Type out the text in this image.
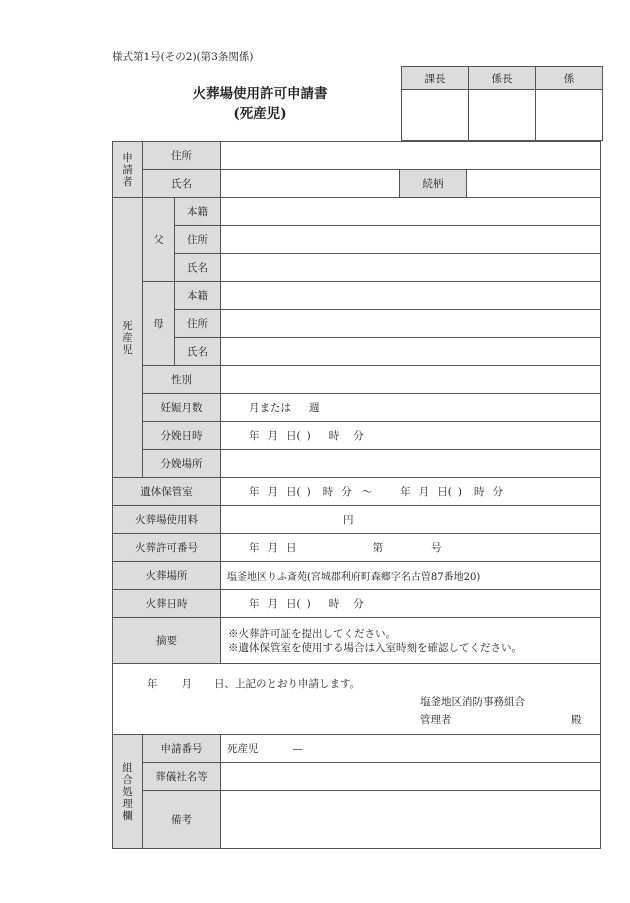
様式第1号(その2)(第3条関係)
火葬場使用許可申請書
(死産児)
課長	係長	係

申
請
者	住所				
	氏名			続柄	

死
産
児	父	本籍			
		住所			
		氏名			
	母	本籍			
		住所			
		氏名			
	性別				
	妊娠月数		月または 週		
	分娩日時		年 月 日( ) 時 分		
	分娩場所				
遺体保管室			年 月 日( ) 時 分 〜 年 月 日( ) 時 分		
火葬場使用料			円		
火葬許可番号			年 月 日 第 号		
火葬場所			塩釜地区りふ斎苑(宮城郡利府町森郷字名古曽87番地20)		
火葬日時			年 月 日( ) 時 分		
摘要			※火葬許可証を提出してください。
※遺体保管室を使用する場合は入室時刻を確認してください。		

年 月 日、上記のとおり申請します。
塩釜地区消防事務組合
管理者 殿					

組
合
処
理
欄	申請番号		死産児 —		
	葬儀社名等				
	備考				
